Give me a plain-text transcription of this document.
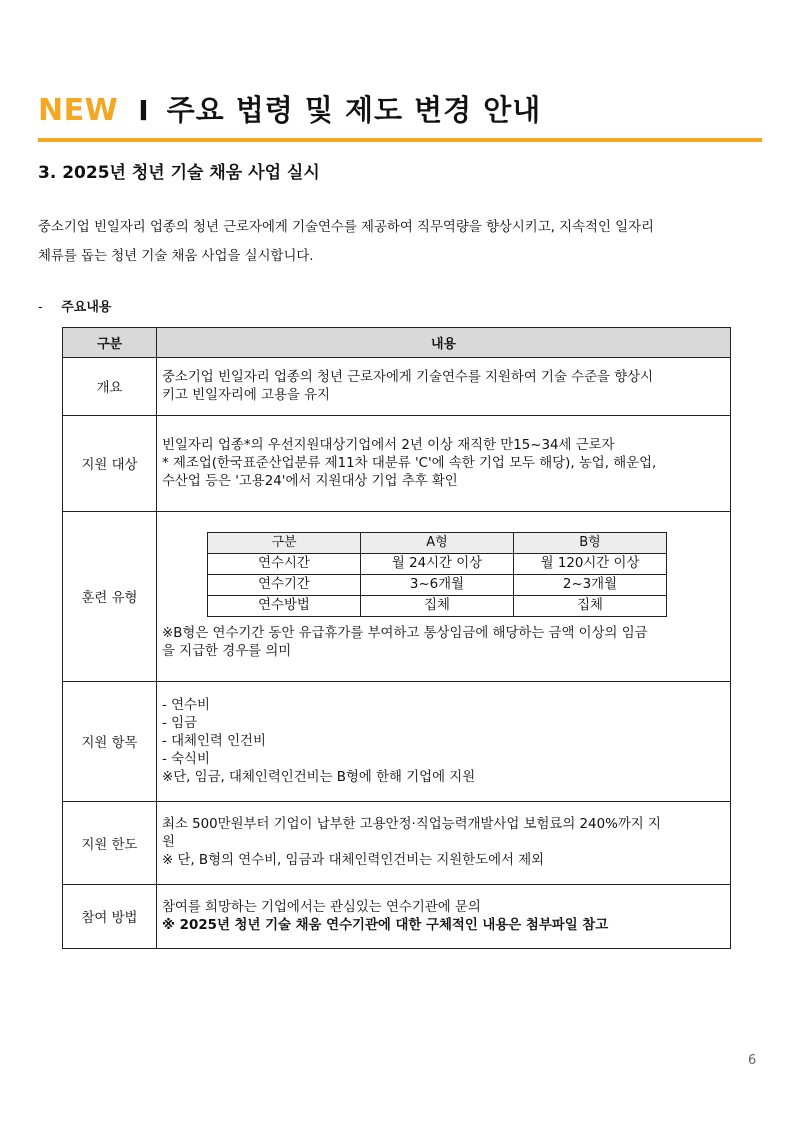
NEW I 주요 법령 및 제도 변경 안내
3. 2025년 청년 기술 채움 사업 실시
중소기업 빈일자리 업종의 청년 근로자에게 기술연수를 제공하여 직무역량을 향상시키고, 지속적인 일자리
체류를 돕는 청년 기술 채움 사업을 실시합니다.
- 주요내용
구분	내용
개요	
중소기업 빈일자리 업종의 청년 근로자에게 기술연수를 지원하여 기술 수준을 향상시
키고 빈일자리에 고용을 유지

지원 대상	
빈일자리 업종*의 우선지원대상기업에서 2년 이상 재직한 만15~34세 근로자
* 제조업(한국표준산업분류 제11차 대분류 'C'에 속한 기업 모두 해당), 농업, 해운업,
수산업 등은 '고용24'에서 지원대상 기업 추후 확인

훈련 유형	
구분	A형	B형
연수시간	월 24시간 이상	월 120시간 이상
연수기간	3~6개월	2~3개월
연수방법	집체	집체
※B형은 연수기간 동안 유급휴가를 부여하고 통상임금에 해당하는 금액 이상의 임금
을 지급한 경우를 의미

지원 항목	
- 연수비
- 임금
- 대체인력 인건비
- 숙식비
※단, 임금, 대체인력인건비는 B형에 한해 기업에 지원

지원 한도	
최소 500만원부터 기업이 납부한 고용안정·직업능력개발사업 보험료의 240%까지 지
원
※ 단, B형의 연수비, 임금과 대체인력인건비는 지원한도에서 제외

참여 방법	
참여를 희망하는 기업에서는 관심있는 연수기관에 문의
※ 2025년 청년 기술 채움 연수기관에 대한 구체적인 내용은 첨부파일 참고
6
